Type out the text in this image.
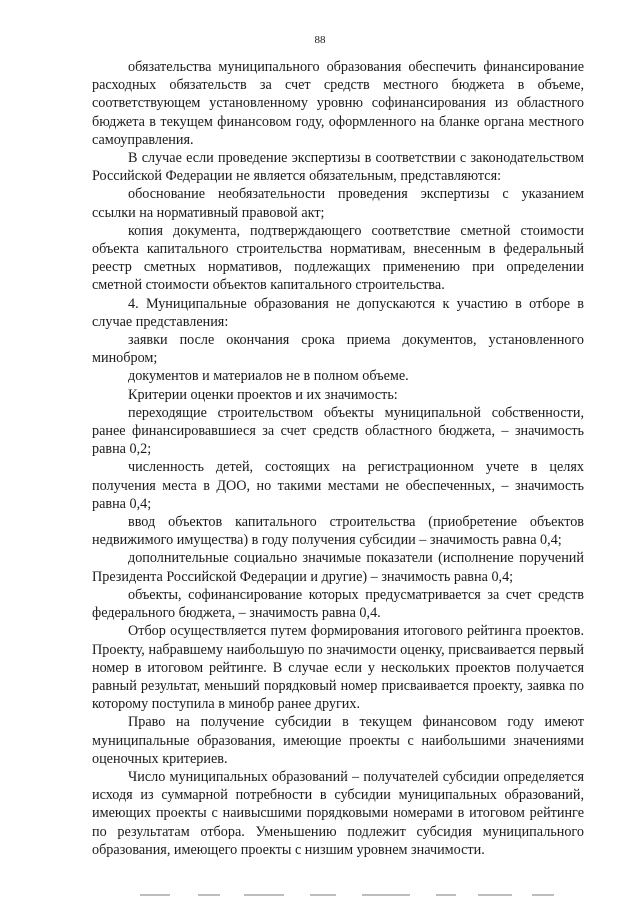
88

обязательства муниципального образования обеспечить финансирование расходных обязательств за счет средств местного бюджета в объеме, соответствующем установленному уровню софинансирования из областного бюджета в текущем финансовом году, оформленного на бланке органа местного самоуправления.

В случае если проведение экспертизы в соответствии с законодательством Российской Федерации не является обязательным, представляются:

обоснование необязательности проведения экспертизы с указанием ссылки на нормативный правовой акт;

копия документа, подтверждающего соответствие сметной стоимости объекта капитального строительства нормативам, внесенным в федеральный реестр сметных нормативов, подлежащих применению при определении сметной стоимости объектов капитального строительства.

4. Муниципальные образования не допускаются к участию в отборе в случае представления:

заявки после окончания срока приема документов, установленного минобром;

документов и материалов не в полном объеме.

Критерии оценки проектов и их значимость:

переходящие строительством объекты муниципальной собственности, ранее финансировавшиеся за счет средств областного бюджета, – значимость равна 0,2;

численность детей, состоящих на регистрационном учете в целях получения места в ДОО, но такими местами не обеспеченных, – значимость равна 0,4;

ввод объектов капитального строительства (приобретение объектов недвижимого имущества) в году получения субсидии – значимость равна 0,4;

дополнительные социально значимые показатели (исполнение поручений Президента Российской Федерации и другие) – значимость равна 0,4;

объекты, софинансирование которых предусматривается за счет средств федерального бюджета, – значимость равна 0,4.

Отбор осуществляется путем формирования итогового рейтинга проектов. Проекту, набравшему наибольшую по значимости оценку, присваивается первый номер в итоговом рейтинге. В случае если у нескольких проектов получается равный результат, меньший порядковый номер присваивается проекту, заявка по которому поступила в минобр ранее других.

Право на получение субсидии в текущем финансовом году имеют муниципальные образования, имеющие проекты с наибольшими значениями оценочных критериев.

Число муниципальных образований – получателей субсидии определяется исходя из суммарной потребности в субсидии муниципальных образований, имеющих проекты с наивысшими порядковыми номерами в итоговом рейтинге по результатам отбора. Уменьшению подлежит субсидия муниципального образования, имеющего проекты с низшим уровнем значимости.
